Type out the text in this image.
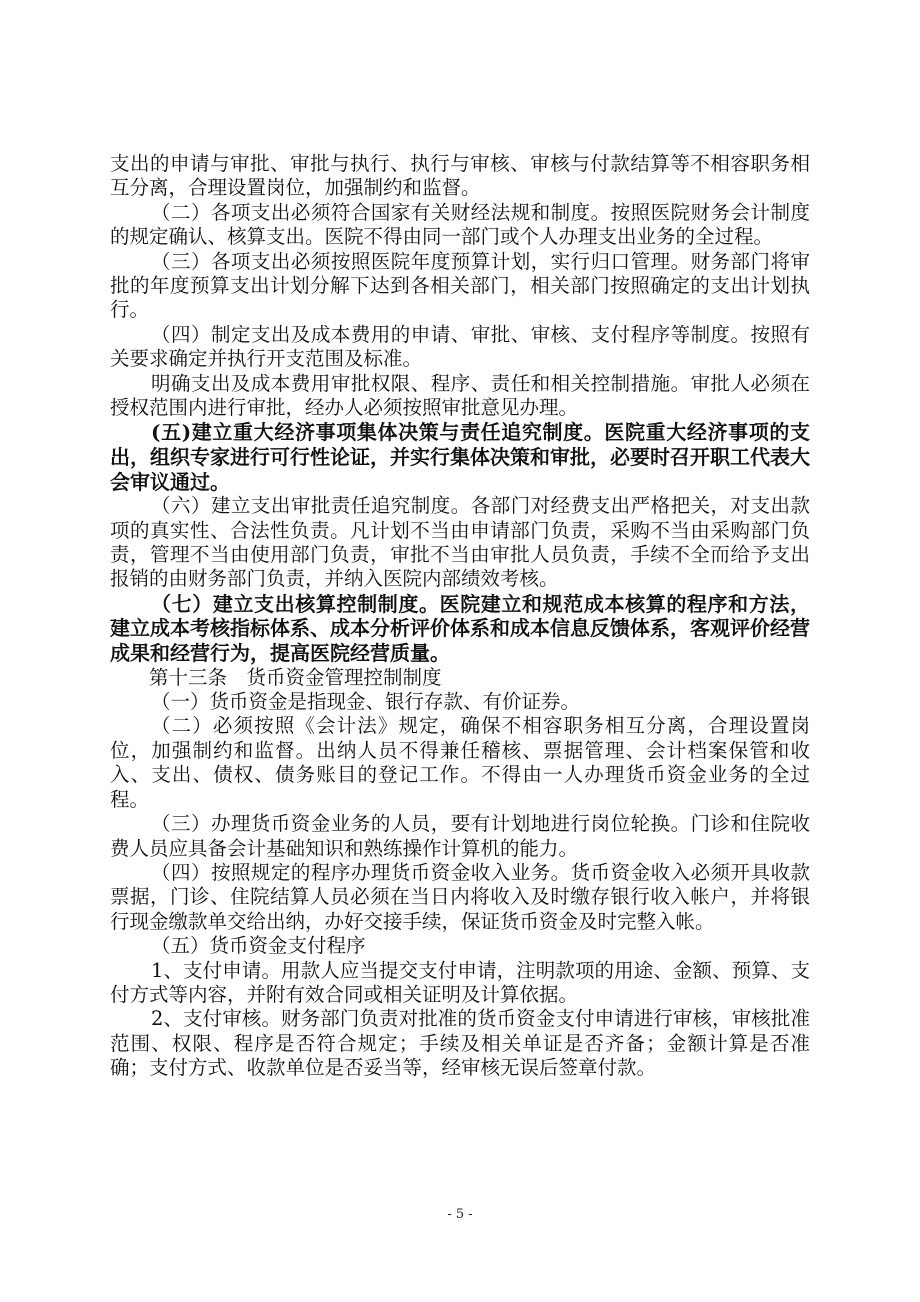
支出的申请与审批、审批与执行、执行与审核、审核与付款结算等不相容职务相互分离，合理设置岗位，加强制约和监督。

（二）各项支出必须符合国家有关财经法规和制度。按照医院财务会计制度的规定确认、核算支出。医院不得由同一部门或个人办理支出业务的全过程。

（三）各项支出必须按照医院年度预算计划，实行归口管理。财务部门将审批的年度预算支出计划分解下达到各相关部门，相关部门按照确定的支出计划执行。

（四）制定支出及成本费用的申请、审批、审核、支付程序等制度。按照有关要求确定并执行开支范围及标准。

明确支出及成本费用审批权限、程序、责任和相关控制措施。审批人必须在授权范围内进行审批，经办人必须按照审批意见办理。

(五)建立重大经济事项集体决策与责任追究制度。医院重大经济事项的支出，组织专家进行可行性论证，并实行集体决策和审批，必要时召开职工代表大会审议通过。

（六）建立支出审批责任追究制度。各部门对经费支出严格把关，对支出款项的真实性、合法性负责。凡计划不当由申请部门负责，采购不当由采购部门负责，管理不当由使用部门负责，审批不当由审批人员负责，手续不全而给予支出报销的由财务部门负责，并纳入医院内部绩效考核。

（七）建立支出核算控制制度。医院建立和规范成本核算的程序和方法，建立成本考核指标体系、成本分析评价体系和成本信息反馈体系，客观评价经营成果和经营行为，提高医院经营质量。

第十三条　货币资金管理控制制度

（一）货币资金是指现金、银行存款、有价证券。

（二）必须按照《会计法》规定，确保不相容职务相互分离，合理设置岗位，加强制约和监督。出纳人员不得兼任稽核、票据管理、会计档案保管和收入、支出、债权、债务账目的登记工作。不得由一人办理货币资金业务的全过程。

（三）办理货币资金业务的人员，要有计划地进行岗位轮换。门诊和住院收费人员应具备会计基础知识和熟练操作计算机的能力。

（四）按照规定的程序办理货币资金收入业务。货币资金收入必须开具收款票据，门诊、住院结算人员必须在当日内将收入及时缴存银行收入帐户，并将银行现金缴款单交给出纳，办好交接手续，保证货币资金及时完整入帐。

（五）货币资金支付程序

1、支付申请。用款人应当提交支付申请，注明款项的用途、金额、预算、支付方式等内容，并附有效合同或相关证明及计算依据。

2、支付审核。财务部门负责对批准的货币资金支付申请进行审核，审核批准范围、权限、程序是否符合规定；手续及相关单证是否齐备；金额计算是否准确；支付方式、收款单位是否妥当等，经审核无误后签章付款。

- 5 -
